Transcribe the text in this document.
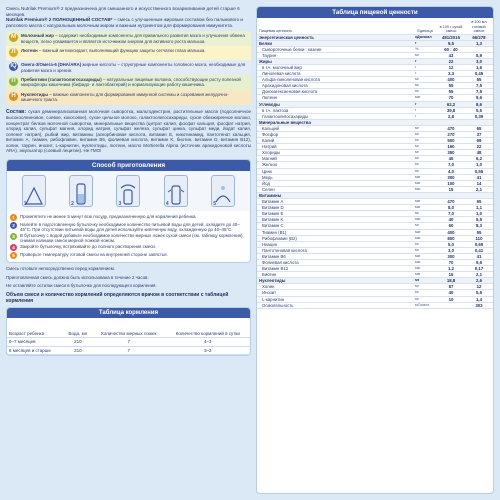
Смесь Nutrilak Premium® 2 предназначена для смешанного и искусственного вскармливания детей старше 6 месяцев.

Nutrilak Premium® 2 ПОЛНОЦЕННЫЙ СОСТАВ* – смесь с улучшенным жировым составом без пальмового и рапсового масла с натуральным молочным жиром и важным нутриентом для формирования иммунитета.

М	Молочный жир – содержит необходимые компоненты для правильного развития мозга и улучшения обмена веществ, легко усваивается и является источником энергии для активного роста малыша.
Л	Лютеин – важный антиоксидант, выполняющий функцию защиты сетчатки глаза малыша.
IQ Омега-3/Омега-6 (DHA/ARA) жирные кислоты – структурные компоненты головного мозга, необходимые для развития мозга и зрения.
П	Пребиотики (галактоолигосахариды) – натуральные пищевые волокна, способствующие росту полезной микрофлоры кишечника (бифидо- и лактобактерий) и нормализующие работу кишечника.
Н	Нуклеотиды – важные компоненты для формирования иммунной системы и созревания желудочно-кишечного тракта.

Состав: сухая деминерализованная молочная сыворотка, мальтодекстрин, растительные масла (подсолнечное высокоолеиновое, соевое, кокосовое), сухое цельное молоко, галактоолигосахариды, сухое обезжиренное молоко, концентрат белков молочной сыворотки, минеральные вещества (цитрат калия, фосфат кальция, фосфат натрия, хлорид калия, сульфат магния, хлорид натрия, сульфат железа, сульфат цинка, сульфат меди, йодат калия, селенит натрия), рыбий жир, витамины (аскорбиновая кислота, витамин E, никотинамид, пантотенат кальция, витамин A, тиамин, рибофлавин, витамин B6, фолиевая кислота, витамин K, биотин, витамин D, витамин B12), холин, таурин, инозит, L-карнитин, нуклеотиды, лютеин, масло Mortierella Alpina (источник арахидоновой кислоты ARA), эмульгатор (соевый лецитин). Не ГМО!

Способ приготовления
1	2	3	4	5
1	Прокипятите не менее 5 минут всю посуду, предназначенную для кормления ребенка.
2	Налейте в подготовленную бутылочку необходимое количество питьевой воды для детей, охладите до 40–45°С. При отсутствии питьевой воды для детей используйте кипяченую воду, охлажденную до 40–45°С.
3	В бутылочку с водой добавьте необходимое количество мерных ложек сухой смеси (см. таблицу кормления), снимая излишки смеси мерной ложкой ножом.
4	Закройте бутылочку, встряхивайте до полного растворения смеси.
5	Проверьте температуру готовой смеси на внутренней стороне запястья.

Смесь готовьте непосредственно перед кормлением.

Приготовленная смесь должна быть использована в течение 2 часов.

Не оставляйте остатки смеси в бутылочке для последующего кормления.

Объем смеси и количество кормлений определяются врачом в соответствии с таблицей кормления

Таблица кормления
Возраст ребенка	Вода, мл	Количество мерных ложек	Количество кормлений в сутки
6–7 месяцев	210	7	4–3
8 месяцев и старше	210	7	3–2
Таблица пищевой ценности
Пищевая ценность	Единица	в 100 г сухой смеси	в 100 мл готовой смеси
Энергетическая ценность	кДж/ккал	481/2015	66/278
Белки	г	9,5	1,3
Сывороточные белки : казеин	%	60 : 40	
Таурин	мг	43	5,9
Жиры	г	22	3,0
в т.ч. молочный жир	г	12	1,6
Линолевая кислота	г	3,3	0,45
Альфа-линоленовая кислота	мг	400	55
Арахидоновая кислота	мг	55	7,5
Докозагексаеновая кислота	мг	55	7,5
Лютеин	мкг	70	9,6
Углеводы	г	62,2	8,6
в т.ч. лактоза	г	39,8	5,5
Галактоолигосахариды	г	2,8	0,39
Минеральные вещества			
Кальций	мг	470	65
Фосфор	мг	270	37
Калий	мг	500	69
Натрий	мг	160	22
Хлориды	мг	350	48
Магний	мг	45	6,2
Железо	мг	7,0	1,0
Цинк	мг	4,0	0,55
Медь	мкг	300	41
Йод	мкг	100	14
Селен	мкг	15	2,1
Витамины			
Витамин A	мкг	470	65
Витамин D	мкг	8,0	1,1
Витамин E	мг	7,0	1,0
Витамин K	мкг	40	5,5
Витамин C	мг	60	8,3
Тиамин (B1)	мкг	400	55
Рибофлавин (B2)	мкг	800	110
Ниацин	мг	5,0	0,69
Пантотеновая кислота	мг	3,0	0,41
Витамин B6	мкг	300	41
Фолиевая кислота	мкг	70	9,6
Витамин B12	мкг	1,2	0,17
Биотин	мкг	15	2,1
Нуклеотиды	мг	18,8	2,6
Холин	мг	87	12
Инозит	мг	40	5,5
L-карнитин	мг	10	1,4
Осмоляльность	мОсм/кг		303
